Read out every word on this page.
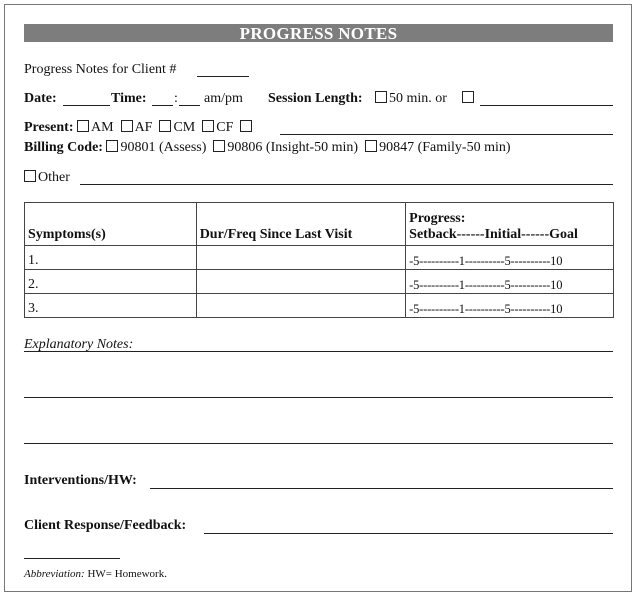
PROGRESS NOTES
Progress Notes for Client #
Date:	Time: : am/pm Session Length:	50 min. or
Present: AM AF CM CF
Billing Code: 90801 (Assess) 90806 (Insight-50 min) 90847 (Family-50 min)
Other
Symptoms(s)	Dur/Freq Since Last Visit	Progress:
Setback------Initial------Goal

1.		-5----------1----------5----------10
2.		-5----------1----------5----------10
3.		-5----------1----------5----------10
Explanatory Notes:
Interventions/HW:
Client Response/Feedback:
Abbreviation: HW= Homework.
